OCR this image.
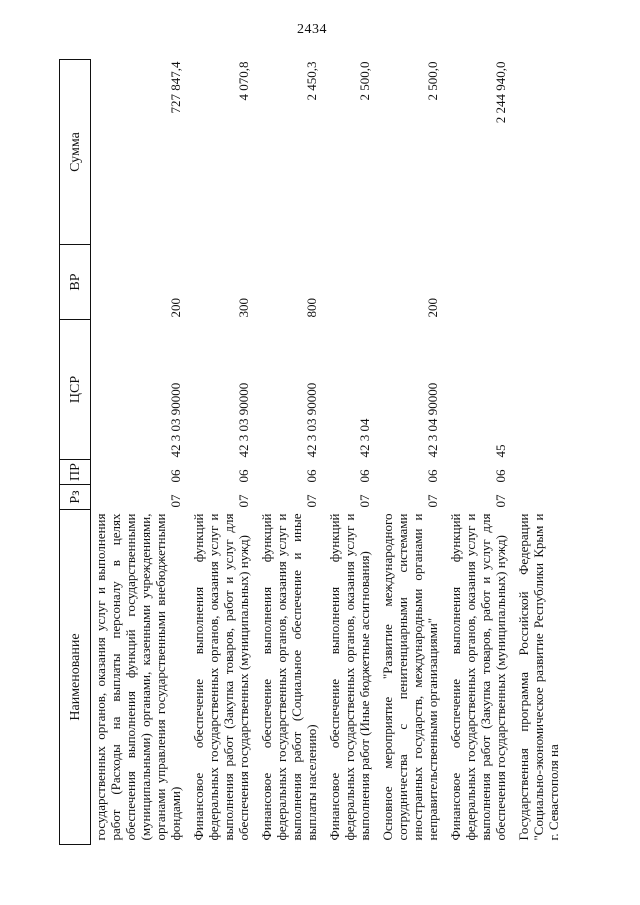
2434
Наименование	Рз	ПР	ЦСР	ВР	Сумма
государственных органов, оказания услуг и выполнения работ (Расходы на выплаты персоналу в целях обеспечения выполнения функций государственными (муниципальными) органами, казенными учреждениями, органами управления государственными внебюджетными фондами)	07	06	42 3 03 90000	200	727 847,4
Финансовое обеспечение выполнения функций федеральных государственных органов, оказания услуг и выполнения работ (Закупка товаров, работ и услуг для обеспечения государственных (муниципальных) нужд)	07	06	42 3 03 90000	300	4 070,8
Финансовое обеспечение выполнения функций федеральных государственных органов, оказания услуг и выполнения работ (Социальное обеспечение и иные выплаты населению)	07	06	42 3 03 90000	800	2 450,3
Финансовое обеспечение выполнения функций федеральных государственных органов, оказания услуг и выполнения работ (Иные бюджетные ассигнования)	07	06	42 3 04		2 500,0
Основное мероприятие "Развитие международного сотрудничества с пенитенциарными системами иностранных государств, международными органами и неправительственными организациями"	07	06	42 3 04 90000	200	2 500,0
Финансовое обеспечение выполнения функций федеральных государственных органов, оказания услуг и выполнения работ (Закупка товаров, работ и услуг для обеспечения государственных (муниципальных) нужд)	07	06	45		2 244 940,0
Государственная программа Российской Федерации "Социально-экономическое развитие Республики Крым и г. Севастополя на					
